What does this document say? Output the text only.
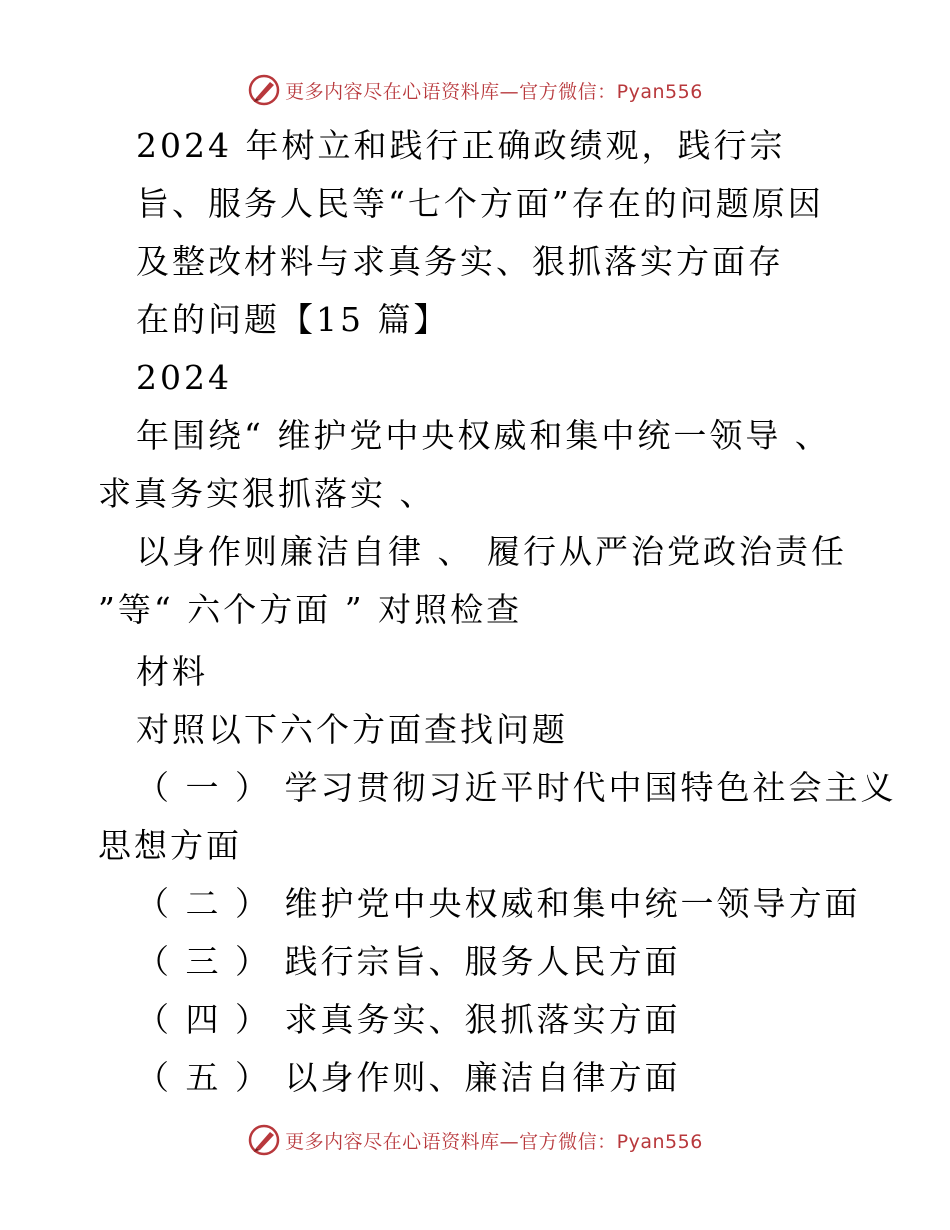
更多内容尽在心语资料库—官方微信：Pyan556
2024 年树立和践行正确政绩观，践行宗
旨、服务人民等“七个方面”存在的问题原因
及整改材料与求真务实、狠抓落实方面存
在的问题【15 篇】
2024
年围绕“ 维护党中央权威和集中统一领导 、
求真务实狠抓落实 、
以身作则廉洁自律 、 履行从严治党政治责任
”等“ 六个方面 ” 对照检查
材料
对照以下六个方面查找问题
（ 一 ） 学习贯彻习近平时代中国特色社会主义
思想方面
（ 二 ） 维护党中央权威和集中统一领导方面
（ 三 ） 践行宗旨、服务人民方面
（ 四 ） 求真务实、狠抓落实方面
（ 五 ） 以身作则、廉洁自律方面
更多内容尽在心语资料库—官方微信：Pyan556
